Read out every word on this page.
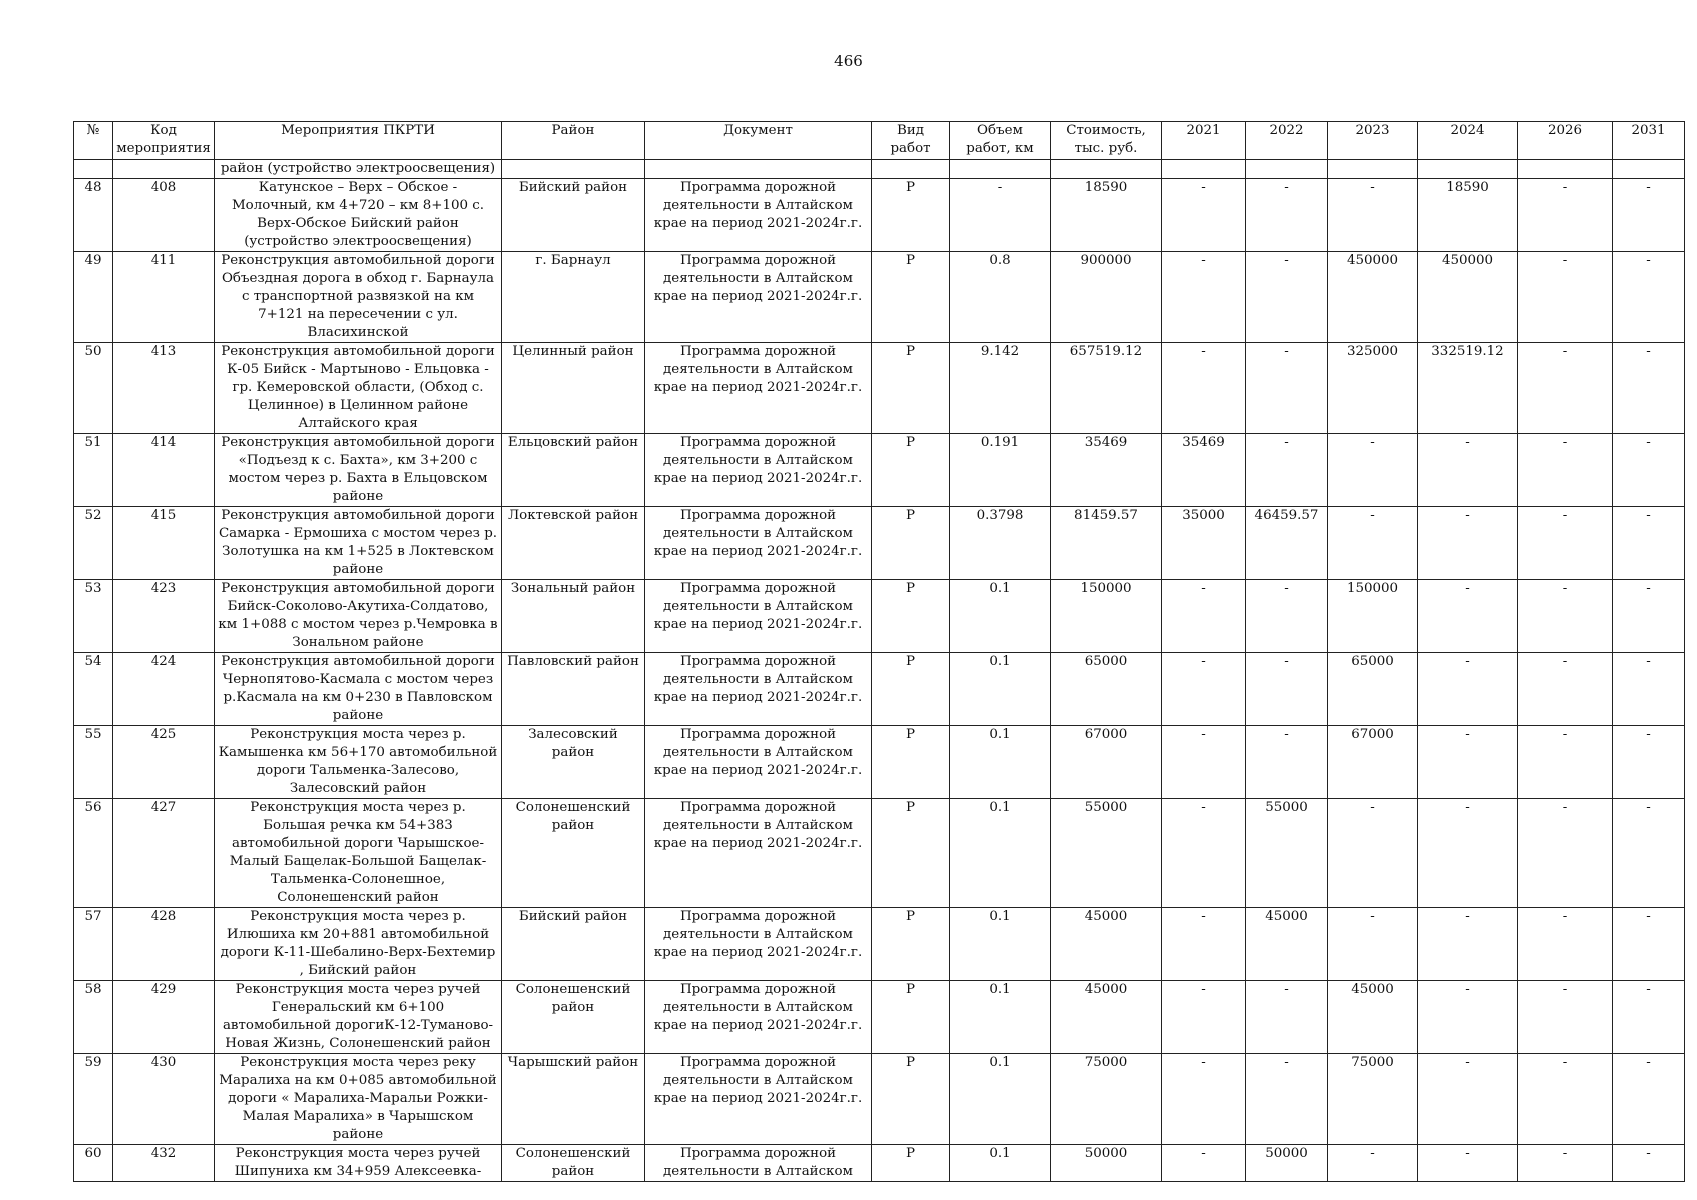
466
№	Код мероприятия	Мероприятия ПКРТИ	Район	Документ	Вид работ	Объем работ, км	Стоимость, тыс. руб.	2021	2022	2023	2024	2026	2031
		район (устройство электроосвещения)											
48	408	Катунское – Верх – Обское - Молочный, км 4+720 – км 8+100 с. Верх-Обское Бийский район (устройство электроосвещения)	Бийский район	Программа дорожной деятельности в Алтайском крае на период 2021-2024г.г.	Р	-	18590	-	-	-	18590	-	-
49	411	Реконструкция автомобильной дороги Объездная дорога в обход г. Барнаула с транспортной развязкой на км 7+121 на пересечении с ул. Власихинской	г. Барнаул	Программа дорожной деятельности в Алтайском крае на период 2021-2024г.г.	Р	0.8	900000	-	-	450000	450000	-	-
50	413	Реконструкция автомобильной дороги К-05 Бийск - Мартыново - Ельцовка - гр. Кемеровской области, (Обход с. Целинное) в Целинном районе Алтайского края	Целинный район	Программа дорожной деятельности в Алтайском крае на период 2021-2024г.г.	Р	9.142	657519.12	-	-	325000	332519.12	-	-
51	414	Реконструкция автомобильной дороги «Подъезд к с. Бахта», км 3+200 с мостом через р. Бахта в Ельцовском районе	Ельцовский район	Программа дорожной деятельности в Алтайском крае на период 2021-2024г.г.	Р	0.191	35469	35469	-	-	-	-	-
52	415	Реконструкция автомобильной дороги Самарка - Ермошиха с мостом через р. Золотушка на км 1+525 в Локтевском районе	Локтевской район	Программа дорожной деятельности в Алтайском крае на период 2021-2024г.г.	Р	0.3798	81459.57	35000	46459.57	-	-	-	-
53	423	Реконструкция автомобильной дороги Бийск-Соколово-Акутиха-Солдатово, км 1+088 с мостом через р.Чемровка в Зональном районе	Зональный район	Программа дорожной деятельности в Алтайском крае на период 2021-2024г.г.	Р	0.1	150000	-	-	150000	-	-	-
54	424	Реконструкция автомобильной дороги Чернопятово-Касмала с мостом через р.Касмала на км 0+230 в Павловском районе	Павловский район	Программа дорожной деятельности в Алтайском крае на период 2021-2024г.г.	Р	0.1	65000	-	-	65000	-	-	-
55	425	Реконструкция моста через р. Камышенка км 56+170 автомобильной дороги Тальменка-Залесово, Залесовский район	Залесовский район	Программа дорожной деятельности в Алтайском крае на период 2021-2024г.г.	Р	0.1	67000	-	-	67000	-	-	-
56	427	Реконструкция моста через р. Большая речка км 54+383 автомобильной дороги Чарышское-Малый Бащелак-Большой Бащелак-Тальменка-Солонешное, Солонешенский район	Солонешенский район	Программа дорожной деятельности в Алтайском крае на период 2021-2024г.г.	Р	0.1	55000	-	55000	-	-	-	-
57	428	Реконструкция моста через р. Илюшиха км 20+881 автомобильной дороги К-11-Шебалино-Верх-Бехтемир , Бийский район	Бийский район	Программа дорожной деятельности в Алтайском крае на период 2021-2024г.г.	Р	0.1	45000	-	45000	-	-	-	-
58	429	Реконструкция моста через ручей Генеральский км 6+100 автомобильной дорогиК-12-Туманово-Новая Жизнь, Солонешенский район	Солонешенский район	Программа дорожной деятельности в Алтайском крае на период 2021-2024г.г.	Р	0.1	45000	-	-	45000	-	-	-
59	430	Реконструкция моста через реку Маралиха на км 0+085 автомобильной дороги « Маралиха-Маральи Рожки-Малая Маралиха» в Чарышском районе	Чарышский район	Программа дорожной деятельности в Алтайском крае на период 2021-2024г.г.	Р	0.1	75000	-	-	75000	-	-	-
60	432	Реконструкция моста через ручей Шипуниха км 34+959 Алексеевка-	Солонешенский район	Программа дорожной деятельности в Алтайском	Р	0.1	50000	-	50000	-	-	-	-
